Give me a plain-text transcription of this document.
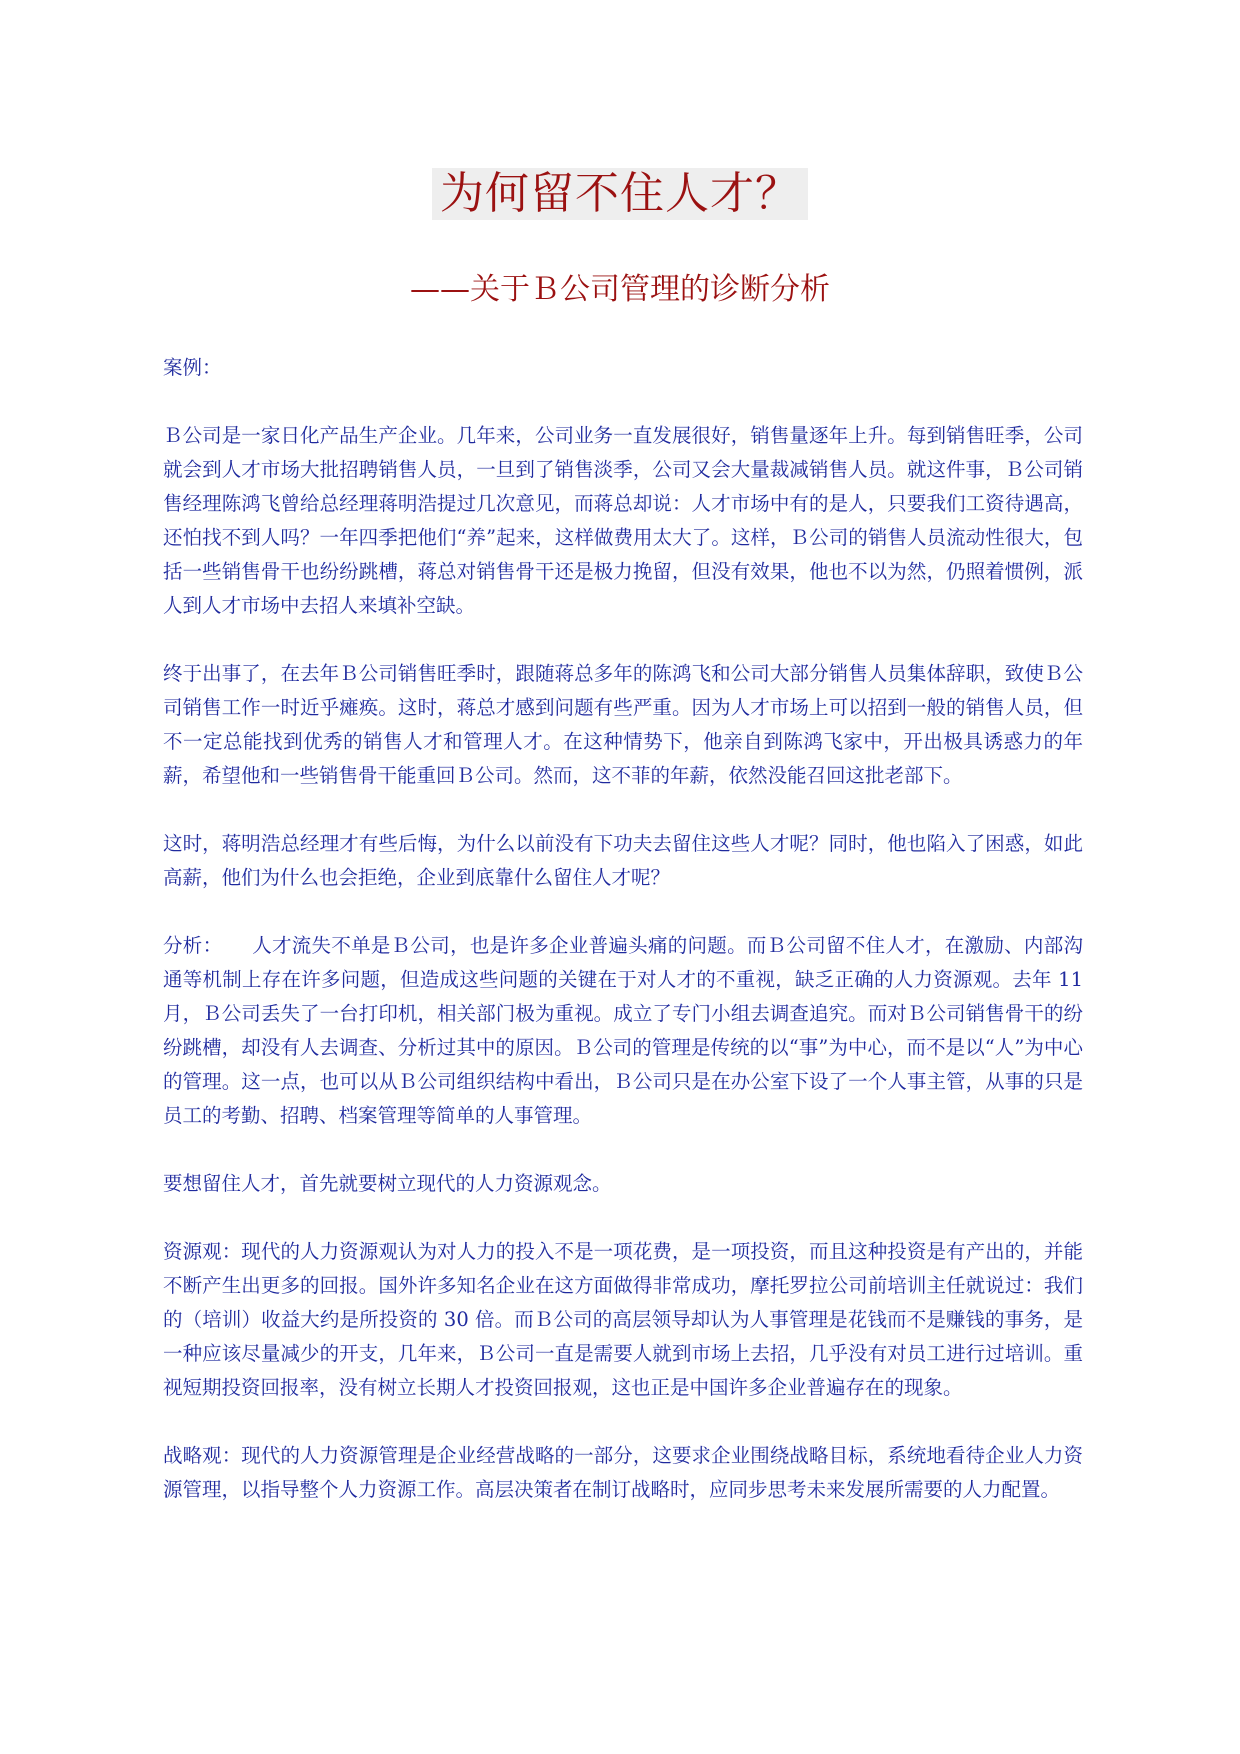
为何留不住人才？
——关于Ｂ公司管理的诊断分析

案例：

Ｂ公司是一家日化产品生产企业。几年来，公司业务一直发展很好，销售量逐年上升。每到销售旺季，公司就会到人才市场大批招聘销售人员，一旦到了销售淡季，公司又会大量裁减销售人员。就这件事，Ｂ公司销售经理陈鸿飞曾给总经理蒋明浩提过几次意见，而蒋总却说：人才市场中有的是人，只要我们工资待遇高，还怕找不到人吗？一年四季把他们“养”起来，这样做费用太大了。这样，Ｂ公司的销售人员流动性很大，包括一些销售骨干也纷纷跳槽，蒋总对销售骨干还是极力挽留，但没有效果，他也不以为然，仍照着惯例，派人到人才市场中去招人来填补空缺。

终于出事了，在去年Ｂ公司销售旺季时，跟随蒋总多年的陈鸿飞和公司大部分销售人员集体辞职，致使Ｂ公司销售工作一时近乎瘫痪。这时，蒋总才感到问题有些严重。因为人才市场上可以招到一般的销售人员，但不一定总能找到优秀的销售人才和管理人才。在这种情势下，他亲自到陈鸿飞家中，开出极具诱惑力的年薪，希望他和一些销售骨干能重回Ｂ公司。然而，这不菲的年薪，依然没能召回这批老部下。

这时，蒋明浩总经理才有些后悔，为什么以前没有下功夫去留住这些人才呢？同时，他也陷入了困惑，如此高薪，他们为什么也会拒绝，企业到底靠什么留住人才呢？

分析：　　人才流失不单是Ｂ公司，也是许多企业普遍头痛的问题。而Ｂ公司留不住人才，在激励、内部沟通等机制上存在许多问题，但造成这些问题的关键在于对人才的不重视，缺乏正确的人力资源观。去年 11 月，Ｂ公司丢失了一台打印机，相关部门极为重视。成立了专门小组去调查追究。而对Ｂ公司销售骨干的纷纷跳槽，却没有人去调查、分析过其中的原因。Ｂ公司的管理是传统的以“事”为中心，而不是以“人”为中心的管理。这一点，也可以从Ｂ公司组织结构中看出，Ｂ公司只是在办公室下设了一个人事主管，从事的只是员工的考勤、招聘、档案管理等简单的人事管理。

要想留住人才，首先就要树立现代的人力资源观念。

资源观：现代的人力资源观认为对人力的投入不是一项花费，是一项投资，而且这种投资是有产出的，并能不断产生出更多的回报。国外许多知名企业在这方面做得非常成功，摩托罗拉公司前培训主任就说过：我们的（培训）收益大约是所投资的 30 倍。而Ｂ公司的高层领导却认为人事管理是花钱而不是赚钱的事务，是一种应该尽量减少的开支，几年来，Ｂ公司一直是需要人就到市场上去招，几乎没有对员工进行过培训。重视短期投资回报率，没有树立长期人才投资回报观，这也正是中国许多企业普遍存在的现象。

战略观：现代的人力资源管理是企业经营战略的一部分，这要求企业围绕战略目标，系统地看待企业人力资源管理，以指导整个人力资源工作。高层决策者在制订战略时，应同步思考未来发展所需要的人力配置。
